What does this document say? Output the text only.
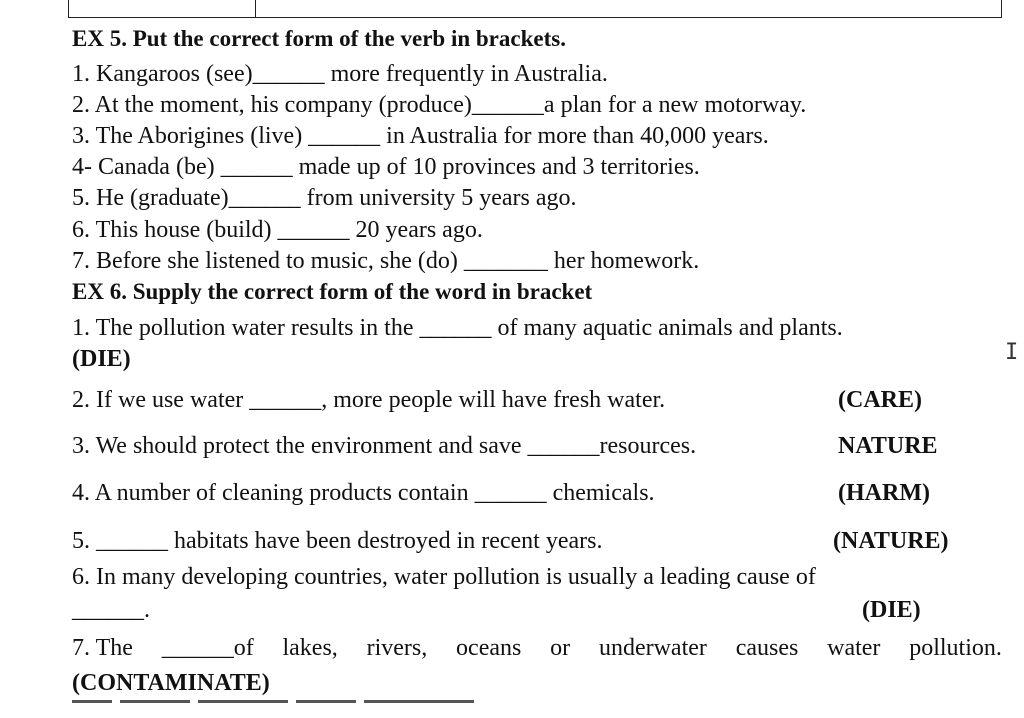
EX 5. Put the correct form of the verb in brackets.
1. Kangaroos (see)______ more frequently in Australia.
2. At the moment, his company (produce)______a plan for a new motorway.
3. The Aborigines (live) ______ in Australia for more than 40,000 years.
4- Canada (be) ______ made up of 10 provinces and 3 territories.
5. He (graduate)______ from university 5 years ago.
6. This house (build) ______ 20 years ago.
7. Before she listened to music, she (do) _______ her homework.
EX 6. Supply the correct form of the word in bracket
1. The pollution water results in the ______ of many aquatic animals and plants.
(DIE)
2. If we use water ______, more people will have fresh water.	(CARE)
3. We should protect the environment and save ______resources.	NATURE
4. A number of cleaning products contain ______ chemicals.	(HARM)
5. ______ habitats have been destroyed in recent years.	(NATURE)
6. In many developing countries, water pollution is usually a leading cause of
______.	(DIE)
7. The ______of lakes, rivers, oceans or underwater causes water pollution.
(CONTAMINATE)
I
